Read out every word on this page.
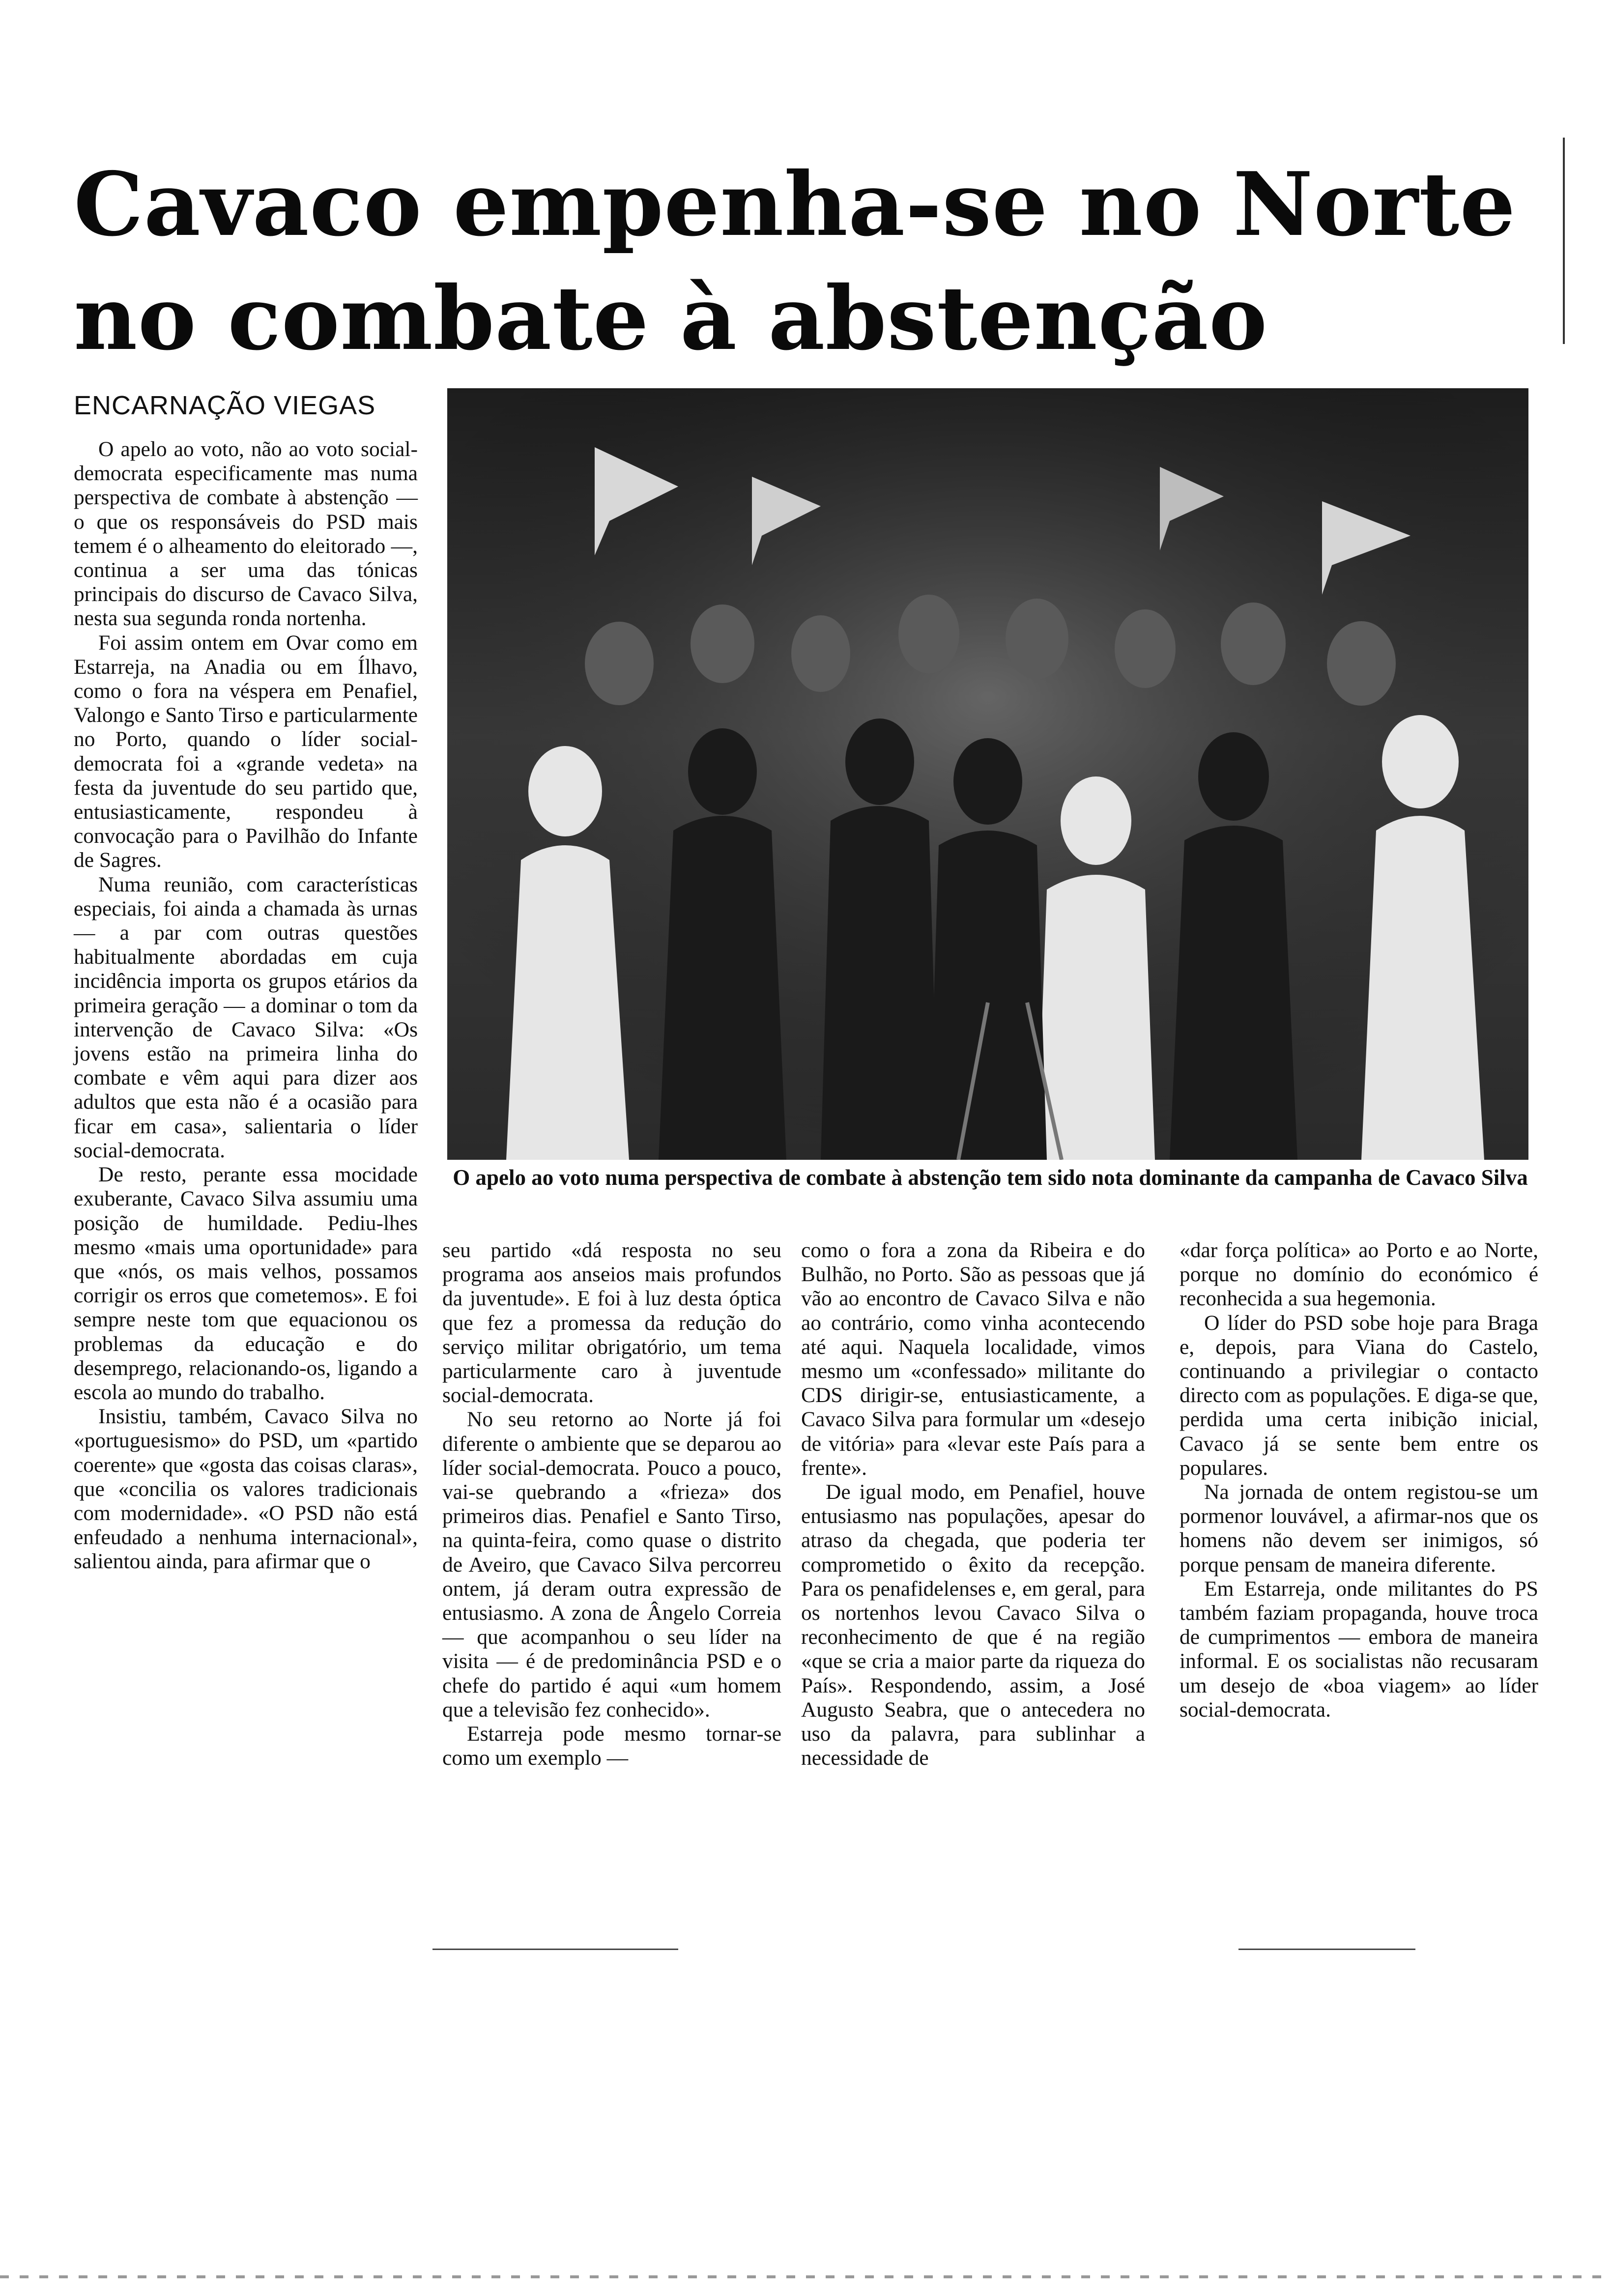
Cavaco empenha-se no Norte
no combate à abstenção
ENCARNAÇÃO VIEGAS
O apelo ao voto numa perspectiva de combate à abstenção tem sido nota dominante da campanha de Cavaco Silva

O apelo ao voto, não ao voto social-democrata especificamente mas numa perspectiva de combate à abstenção — o que os responsáveis do PSD mais temem é o alheamento do eleitorado —, continua a ser uma das tónicas principais do discurso de Cavaco Silva, nesta sua segunda ronda nortenha.

Foi assim ontem em Ovar como em Estarreja, na Anadia ou em Ílhavo, como o fora na véspera em Penafiel, Valongo e Santo Tirso e particularmente no Porto, quando o líder social-democrata foi a «grande vedeta» na festa da juventude do seu partido que, entusiasticamente, respondeu à convocação para o Pavilhão do Infante de Sagres.

Numa reunião, com características especiais, foi ainda a chamada às urnas — a par com outras questões habitualmente abordadas em cuja incidência importa os grupos etários da primeira geração — a dominar o tom da intervenção de Cavaco Silva: «Os jovens estão na primeira linha do combate e vêm aqui para dizer aos adultos que esta não é a ocasião para ficar em casa», salientaria o líder social-democrata.

De resto, perante essa mocidade exuberante, Cavaco Silva assumiu uma posição de humildade. Pediu-lhes mesmo «mais uma oportunidade» para que «nós, os mais velhos, possamos corrigir os erros que cometemos». E foi sempre neste tom que equacionou os problemas da educação e do desemprego, relacionando-os, ligando a escola ao mundo do trabalho.

Insistiu, também, Cavaco Silva no «portuguesismo» do PSD, um «partido coerente» que «gosta das coisas claras», que «concilia os valores tradicionais com modernidade». «O PSD não está enfeudado a nenhuma internacional», salientou ainda, para afirmar que o

seu partido «dá resposta no seu programa aos anseios mais profundos da juventude». E foi à luz desta óptica que fez a promessa da redução do serviço militar obrigatório, um tema particularmente caro à juventude social-democrata.

No seu retorno ao Norte já foi diferente o ambiente que se deparou ao líder social-democrata. Pouco a pouco, vai-se quebrando a «frieza» dos primeiros dias. Penafiel e Santo Tirso, na quinta-feira, como quase o distrito de Aveiro, que Cavaco Silva percorreu ontem, já deram outra expressão de entusiasmo. A zona de Ângelo Correia — que acompanhou o seu líder na visita — é de predominância PSD e o chefe do partido é aqui «um homem que a televisão fez conhecido».

Estarreja pode mesmo tornar-se como um exemplo —

como o fora a zona da Ribeira e do Bulhão, no Porto. São as pessoas que já vão ao encontro de Cavaco Silva e não ao contrário, como vinha acontecendo até aqui. Naquela localidade, vimos mesmo um «confessado» militante do CDS dirigir-se, entusiasticamente, a Cavaco Silva para formular um «desejo de vitória» para «levar este País para a frente».

De igual modo, em Penafiel, houve entusiasmo nas populações, apesar do atraso da chegada, que poderia ter comprometido o êxito da recepção. Para os penafidelenses e, em geral, para os nortenhos levou Cavaco Silva o reconhecimento de que é na região «que se cria a maior parte da riqueza do País». Respondendo, assim, a José Augusto Seabra, que o antecedera no uso da palavra, para sublinhar a necessidade de

«dar força política» ao Porto e ao Norte, porque no domínio do económico é reconhecida a sua hegemonia.

O líder do PSD sobe hoje para Braga e, depois, para Viana do Castelo, continuando a privilegiar o contacto directo com as populações. E diga-se que, perdida uma certa inibição inicial, Cavaco já se sente bem entre os populares.

Na jornada de ontem registou-se um pormenor louvável, a afirmar-nos que os homens não devem ser inimigos, só porque pensam de maneira diferente.

Em Estarreja, onde militantes do PS também faziam propaganda, houve troca de cumprimentos — embora de maneira informal. E os socialistas não recusaram um desejo de «boa viagem» ao líder social-democrata.
